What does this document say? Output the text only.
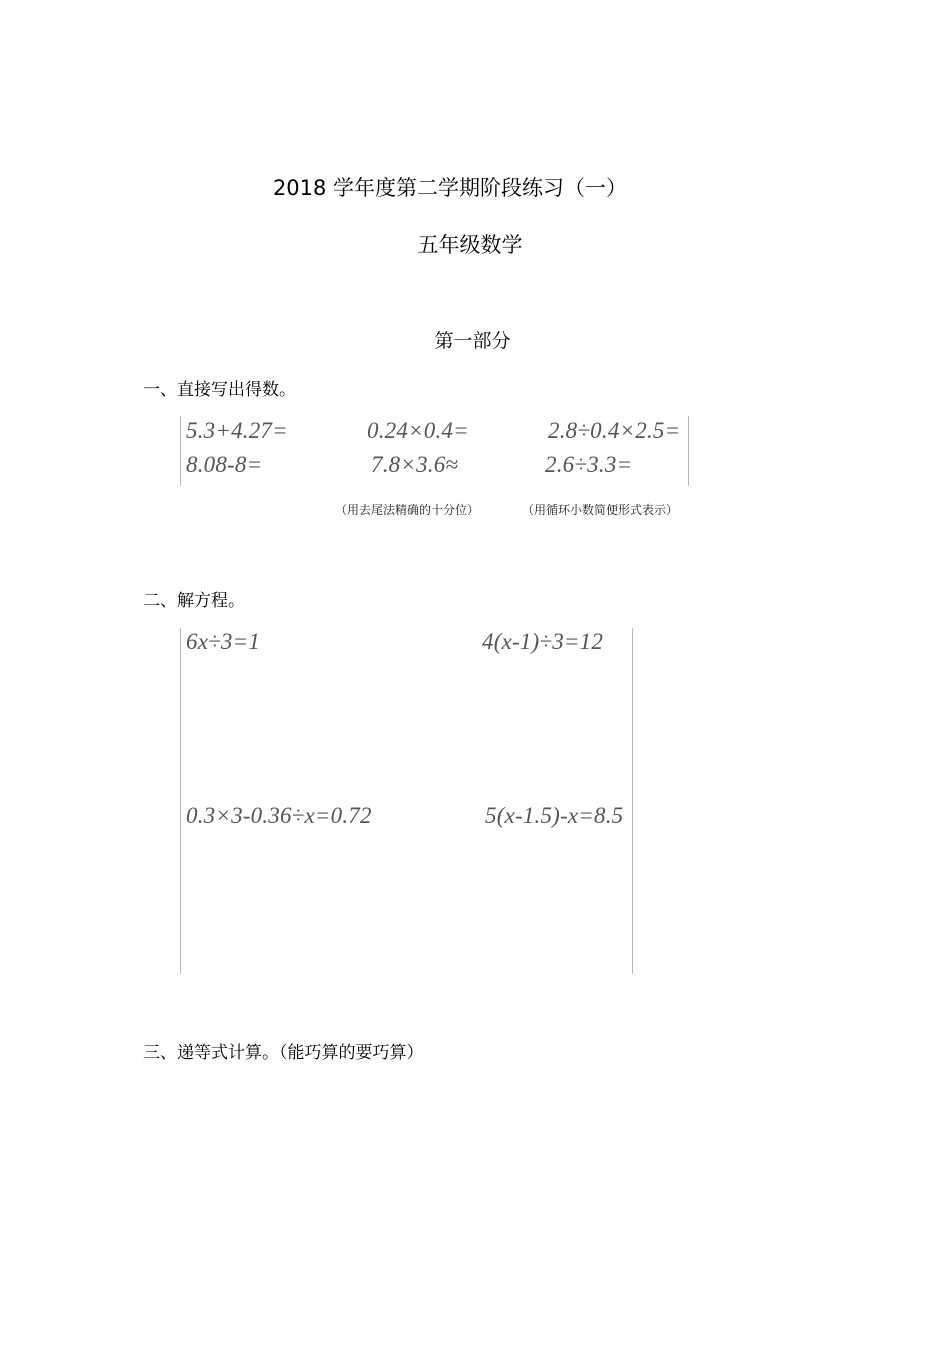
2018 学年度第二学期阶段练习（一）
五年级数学
第一部分
一、直接写出得数。
5.3+4.27=	0.24×0.4=	2.8÷0.4×2.5=
8.08-8=	7.8×3.6≈	2.6÷3.3=
（用去尾法精确的十分位）	（用循环小数简便形式表示）
二、解方程。
6x÷3=1	4(x-1)÷3=12
0.3×3-0.36÷x=0.72	5(x-1.5)-x=8.5
三、递等式计算。（能巧算的要巧算）
